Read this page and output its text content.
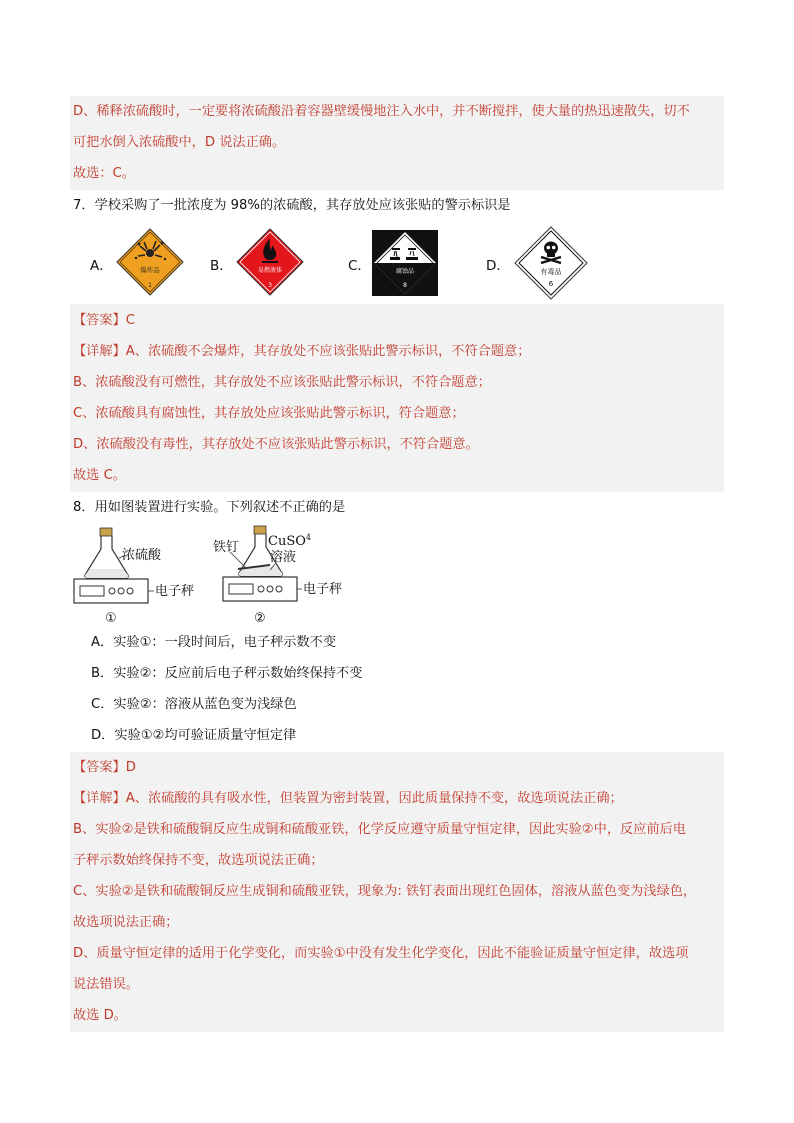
D、稀释浓硫酸时，一定要将浓硫酸沿着容器壁缓慢地注入水中，并不断搅拌，使大量的热迅速散失，切不
可把水倒入浓硫酸中，D 说法正确。
故选：C。
7．学校采购了一批浓度为 98%的浓硫酸，其存放处应该张贴的警示标识是
A．	爆炸品
1
B．	易燃液体
3
C．	腐蚀品
8
D．	有毒品
6
【答案】C
【详解】A、浓硫酸不会爆炸，其存放处不应该张贴此警示标识，不符合题意；
B、浓硫酸没有可燃性，其存放处不应该张贴此警示标识，不符合题意；
C、浓硫酸具有腐蚀性，其存放处应该张贴此警示标识，符合题意；
D、浓硫酸没有毒性，其存放处不应该张贴此警示标识，不符合题意。
故选 C。
8．用如图装置进行实验。下列叙述不正确的是
浓硫酸
电子秤
①
铁钉 CuSO$^4$
溶液
电子秤
②
A．实验①：一段时间后，电子秤示数不变
B．实验②：反应前后电子秤示数始终保持不变
C．实验②：溶液从蓝色变为浅绿色
D．实验①②均可验证质量守恒定律
【答案】D
【详解】A、浓硫酸的具有吸水性，但装置为密封装置，因此质量保持不变，故选项说法正确；
B、实验②是铁和硫酸铜反应生成铜和硫酸亚铁，化学反应遵守质量守恒定律，因此实验②中，反应前后电
子秤示数始终保持不变，故选项说法正确；
C、实验②是铁和硫酸铜反应生成铜和硫酸亚铁，现象为: 铁钉表面出现红色固体，溶液从蓝色变为浅绿色，
故选项说法正确；
D、质量守恒定律的适用于化学变化，而实验①中没有发生化学变化，因此不能验证质量守恒定律，故选项
说法错误。
故选 D。
